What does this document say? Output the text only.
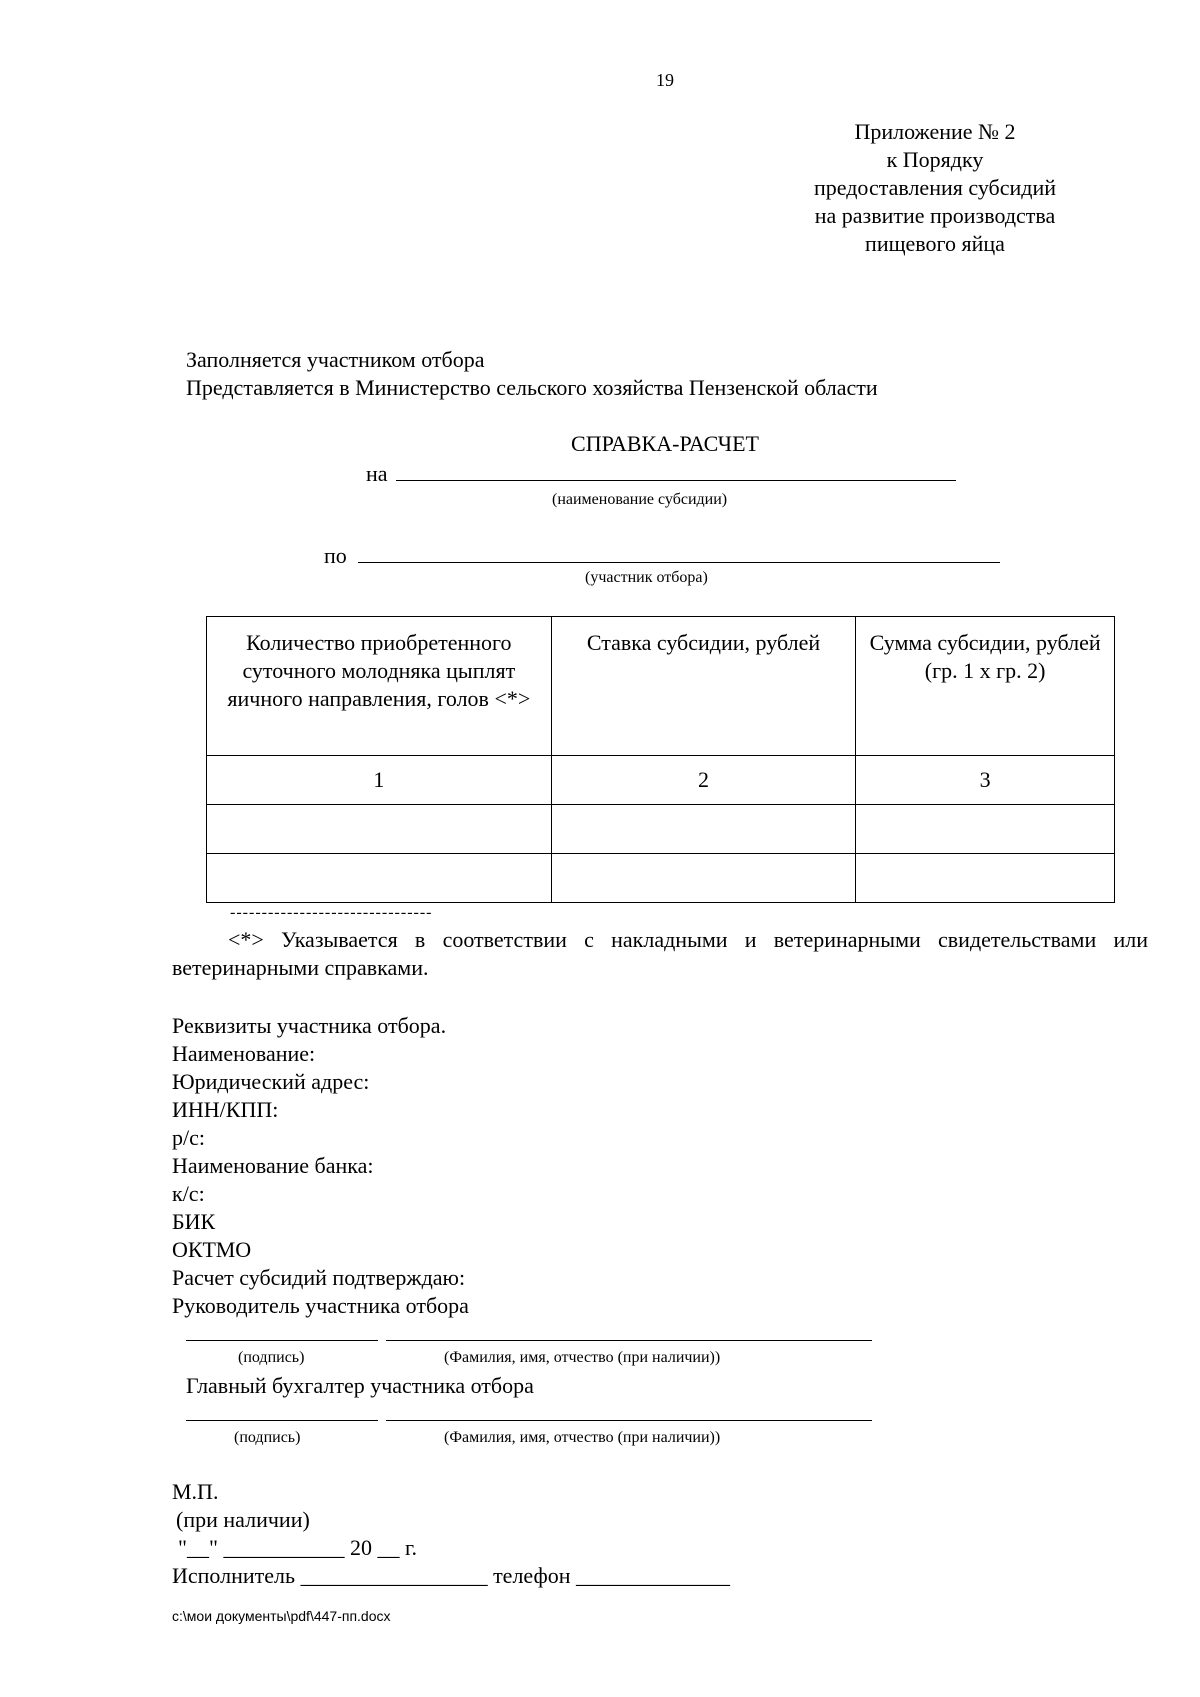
19
Приложение № 2
к Порядку
предоставления субсидий
на развитие производства
пищевого яйца
Заполняется участником отбора
Представляется в Министерство сельского хозяйства Пензенской области
СПРАВКА-РАСЧЕТ
на
(наименование субсидии)
по
(участник отбора)
Количество приобретенного суточного молодняка цыплят яичного направления, голов <*>	Ставка субсидии, рублей	Сумма субсидии, рублей (гр. 1 x гр. 2)
1	2	3

--------------------------------
<*> Указывается в соответствии с накладными и ветеринарными свидетельствами или ветеринарными справками.
Реквизиты участника отбора.
Наименование:
Юридический адрес:
ИНН/КПП:
р/с:
Наименование банка:
к/с:
БИК
ОКТМО
Расчет субсидий подтверждаю:
Руководитель участника отбора
(подпись)	(Фамилия, имя, отчество (при наличии))
Главный бухгалтер участника отбора
(подпись)	(Фамилия, имя, отчество (при наличии))
М.П.
(при наличии)
"__" ___________ 20 __ г.
Исполнитель _________________ телефон ______________
c:\мои документы\pdf\447-пп.docx
